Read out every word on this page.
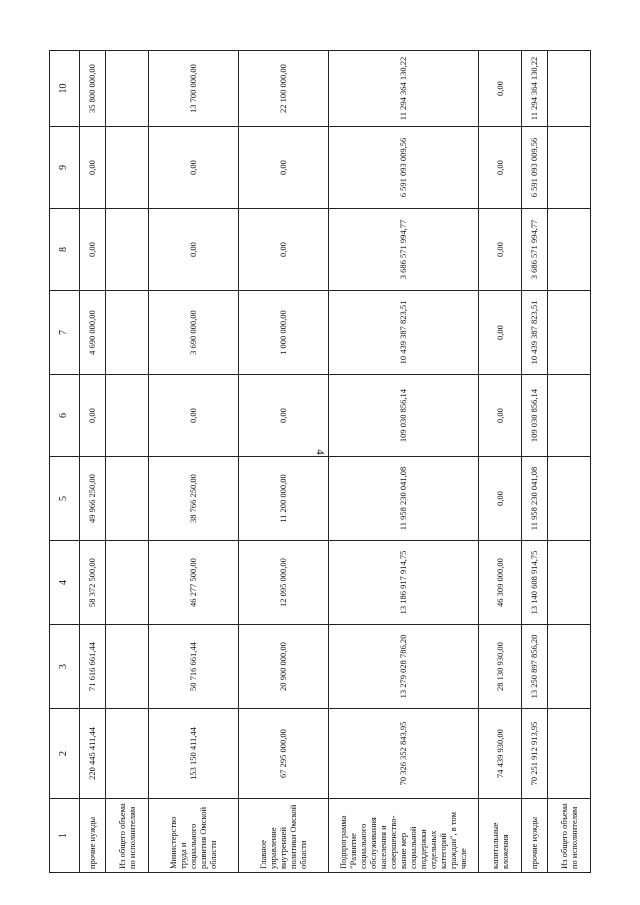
4
1	2	3	4	5	6	7	8	9	10
прочие нужды	220 445 411,44	71 616 661,44	58 372 500,00	49 966 250,00	0,00	4 690 000,00	0,00	0,00	35 800 000,00
Из общего объема по исполнителям									
Министерство труда и социального развития Омской области	153 150 411,44	50 716 661,44	46 277 500,00	38 766 250,00	0,00	3 690 000,00	0,00	0,00	13 700 000,00
Главное управление внутренней политики Омской области	67 295 000,00	20 900 000,00	12 095 000,00	11 200 000,00	0,00	1 000 000,00	0,00	0,00	22 100 000,00
Подпрограмма "Развитие социального обслуживания населения и совершенство-вание мер социальной поддержки отдельных категорий граждан", в том числе	70 326 352 843,95	13 279 028 786,20	13 186 917 914,75	11 958 230 041,08	109 030 856,14	10 439 387 823,51	3 686 571 994,77	6 591 093 009,56	11 294 364 130,22
капитальные вложения	74 439 930,00	28 130 930,00	46 309 000,00	0,00	0,00	0,00	0,00	0,00	0,00
прочие нужды	70 251 912 913,95	13 250 897 856,20	13 140 608 914,75	11 958 230 041,08	109 030 856,14	10 439 387 823,51	3 686 571 994,77	6 591 093 009,56	11 294 364 130,22
Из общего объема по исполнителям									
